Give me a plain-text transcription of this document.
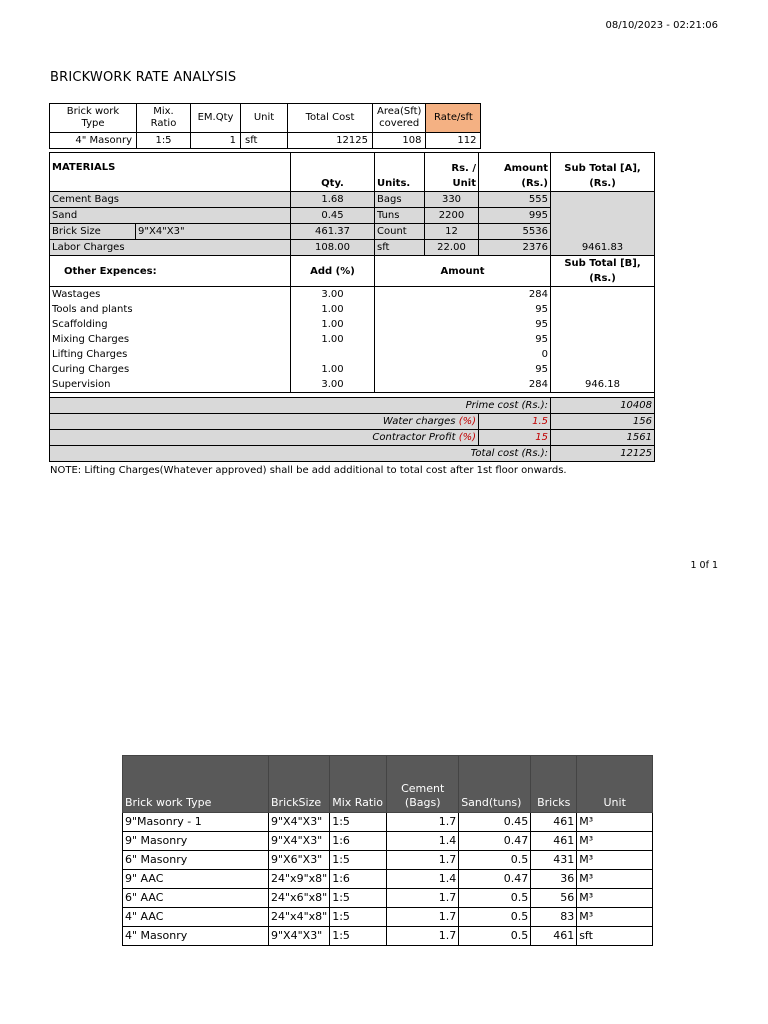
08/10/2023 - 02:21:06
BRICKWORK RATE ANALYSIS
Brick work Type	Mix. Ratio	EM.Qty	Unit	Total Cost	Area(Sft) covered	Rate/sft
4" Masonry	1:5	1	sft	12125	108	112
MATERIALS		Qty.	Units.	Rs. / Unit	Amount (Rs.)	Sub Total [A], (Rs.)
Cement Bags		1.68	Bags	330	555	9461.83
Sand		0.45	Tuns	2200	995	
Brick Size	9"X4"X3"	461.37	Count	12	5536	
Labor Charges		108.00	sft	22.00	2376	
Other Expences:		Add (%)	Amount			Sub Total [B], (Rs.)
Wastages		3.00	284			946.18
Tools and plants		1.00	95			
Scaffolding		1.00	95			
Mixing Charges		1.00	95			
Lifting Charges			0			
Curing Charges		1.00	95			
Supervision		3.00	284			

Prime cost (Rs.):						10408
Water charges (%)					1.5	156
Contractor Profit (%)					15	1561
Total cost (Rs.):						12125
NOTE: Lifting Charges(Whatever approved) shall be add additional to total cost after 1st floor onwards.
1 0f 1
Brick work Type	BrickSize	Mix Ratio	Cement (Bags)	Sand(tuns)	Bricks	Unit
9"Masonry - 1	9"X4"X3"	1:5	1.7	0.45	461	M³
9" Masonry	9"X4"X3"	1:6	1.4	0.47	461	M³
6" Masonry	9"X6"X3"	1:5	1.7	0.5	431	M³
9" AAC	24"x9"x8"	1:6	1.4	0.47	36	M³
6" AAC	24"x6"x8"	1:5	1.7	0.5	56	M³
4" AAC	24"x4"x8"	1:5	1.7	0.5	83	M³
4" Masonry	9"X4"X3"	1:5	1.7	0.5	461	sft
